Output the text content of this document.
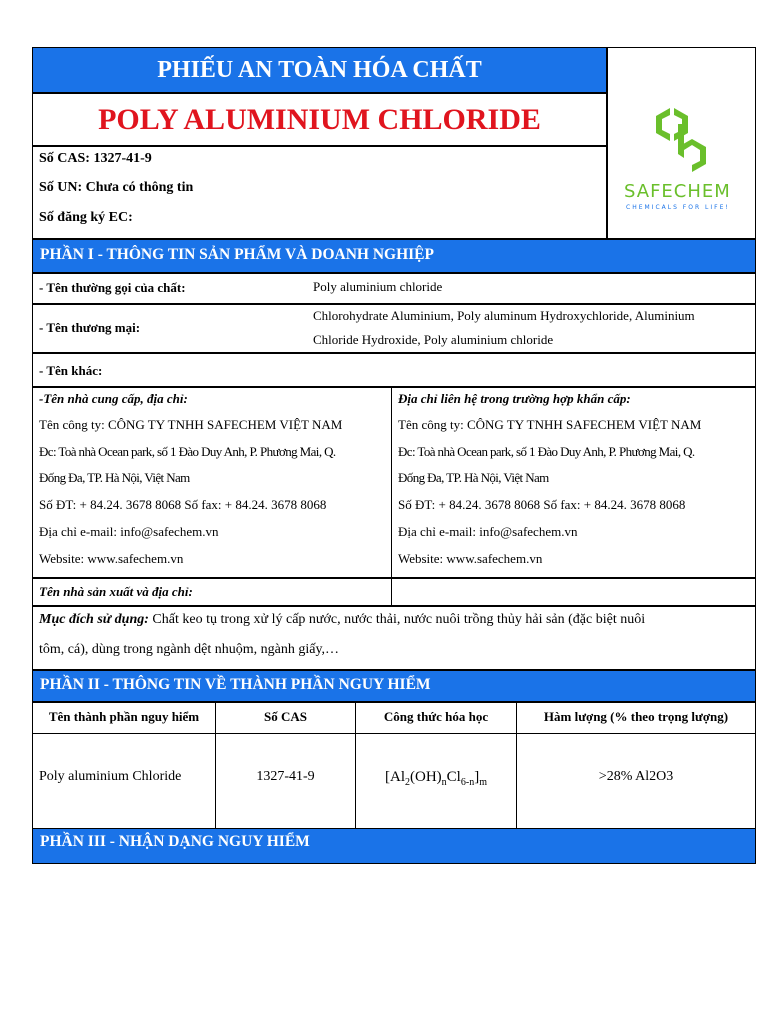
PHIẾU AN TOÀN HÓA CHẤT
POLY ALUMINIUM CHLORIDE
Số CAS: 1327-41-9
Số UN: Chưa có thông tin
Số đăng ký EC:
SAFECHEM
CHEMICALS FOR LIFE!
PHẦN I - THÔNG TIN SẢN PHẨM VÀ DOANH NGHIỆP
- Tên thường gọi của chất:	Poly aluminium chloride
- Tên thương mại:
Chlorohydrate Aluminium, Poly aluminum Hydroxychloride, Aluminium
Chloride Hydroxide, Poly aluminium chloride
- Tên khác:
-Tên nhà cung cấp, địa chỉ:
Tên công ty: CÔNG TY TNHH SAFECHEM VIỆT NAM
Đc: Toà nhà Ocean park, số 1 Đào Duy Anh, P. Phương Mai, Q.
Đống Đa, TP. Hà Nội, Việt Nam
Số ĐT: + 84.24. 3678 8068 Số fax: + 84.24. 3678 8068
Địa chỉ e-mail: info@safechem.vn
Website: www.safechem.vn
Địa chỉ liên hệ trong trường hợp khẩn cấp:
Tên công ty: CÔNG TY TNHH SAFECHEM VIỆT NAM
Đc: Toà nhà Ocean park, số 1 Đào Duy Anh, P. Phương Mai, Q.
Đống Đa, TP. Hà Nội, Việt Nam
Số ĐT: + 84.24. 3678 8068 Số fax: + 84.24. 3678 8068
Địa chỉ e-mail: info@safechem.vn
Website: www.safechem.vn
Tên nhà sản xuất và địa chỉ:
Mục đích sử dụng: Chất keo tụ trong xử lý cấp nước, nước thải, nước nuôi trồng thủy hải sản (đặc biệt nuôi
tôm, cá), dùng trong ngành dệt nhuộm, ngành giấy,…
PHẦN II - THÔNG TIN VỀ THÀNH PHẦN NGUY HIỂM
Tên thành phần nguy hiểm	Số CAS	Công thức hóa học	Hàm lượng (% theo trọng lượng)
Poly aluminium Chloride	1327-41-9	$[Al_2(OH)_nCl_{6-n}]_m$	>28% Al2O3
PHẦN III - NHẬN DẠNG NGUY HIỂM
